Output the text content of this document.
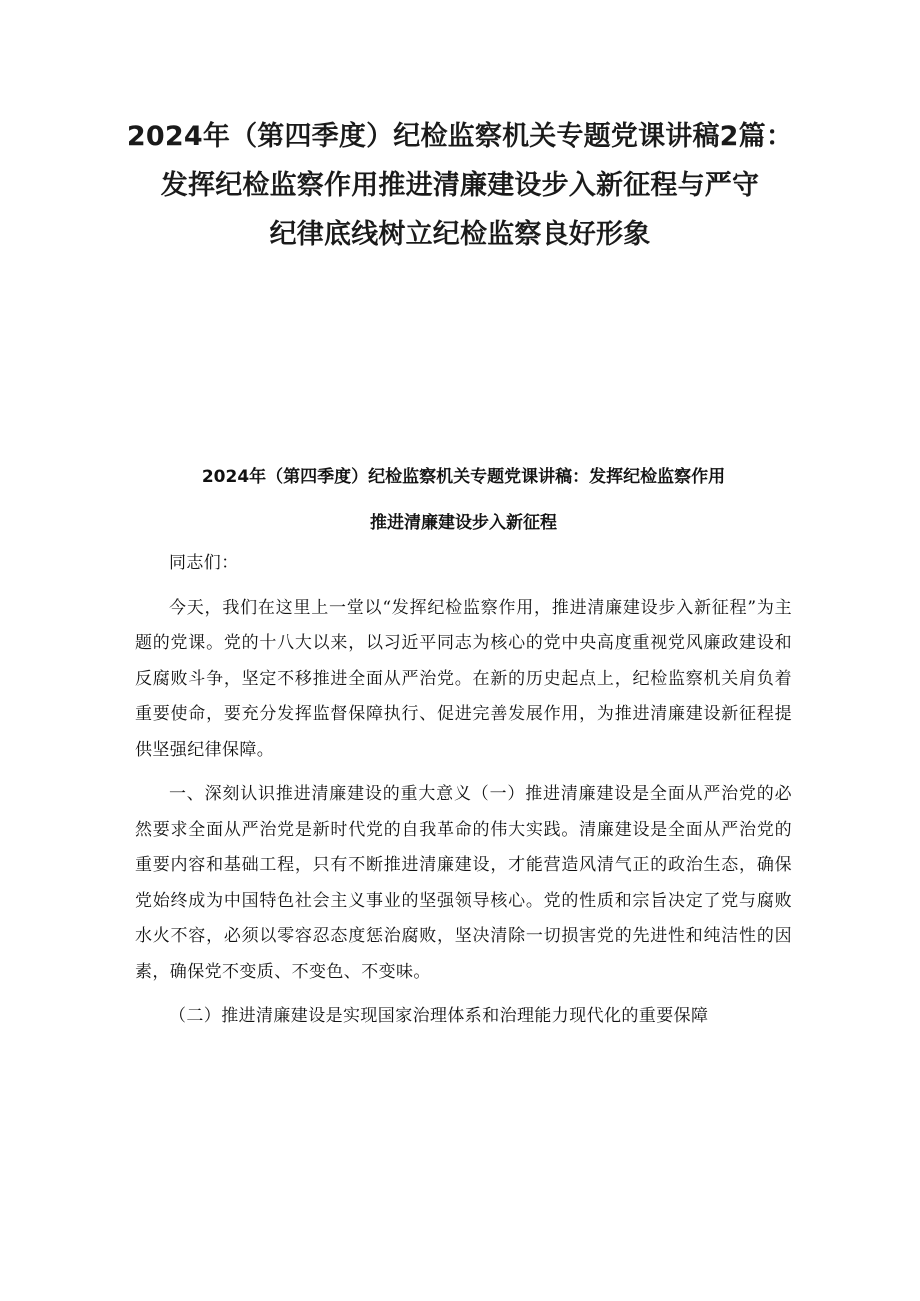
2024年（第四季度）纪检监察机关专题党课讲稿2篇：
发挥纪检监察作用推进清廉建设步入新征程与严守
纪律底线树立纪检监察良好形象
2024年（第四季度）纪检监察机关专题党课讲稿：发挥纪检监察作用
推进清廉建设步入新征程

同志们：

今天，我们在这里上一堂以“发挥纪检监察作用，推进清廉建设步入新征程”为主题的党课。党的十八大以来，以习近平同志为核心的党中央高度重视党风廉政建设和反腐败斗争，坚定不移推进全面从严治党。在新的历史起点上，纪检监察机关肩负着重要使命，要充分发挥监督保障执行、促进完善发展作用，为推进清廉建设新征程提供坚强纪律保障。

一、深刻认识推进清廉建设的重大意义（一）推进清廉建设是全面从严治党的必然要求全面从严治党是新时代党的自我革命的伟大实践。清廉建设是全面从严治党的重要内容和基础工程，只有不断推进清廉建设，才能营造风清气正的政治生态，确保党始终成为中国特色社会主义事业的坚强领导核心。党的性质和宗旨决定了党与腐败水火不容，必须以零容忍态度惩治腐败，坚决清除一切损害党的先进性和纯洁性的因素，确保党不变质、不变色、不变味。

（二）推进清廉建设是实现国家治理体系和治理能力现代化的重要保障
